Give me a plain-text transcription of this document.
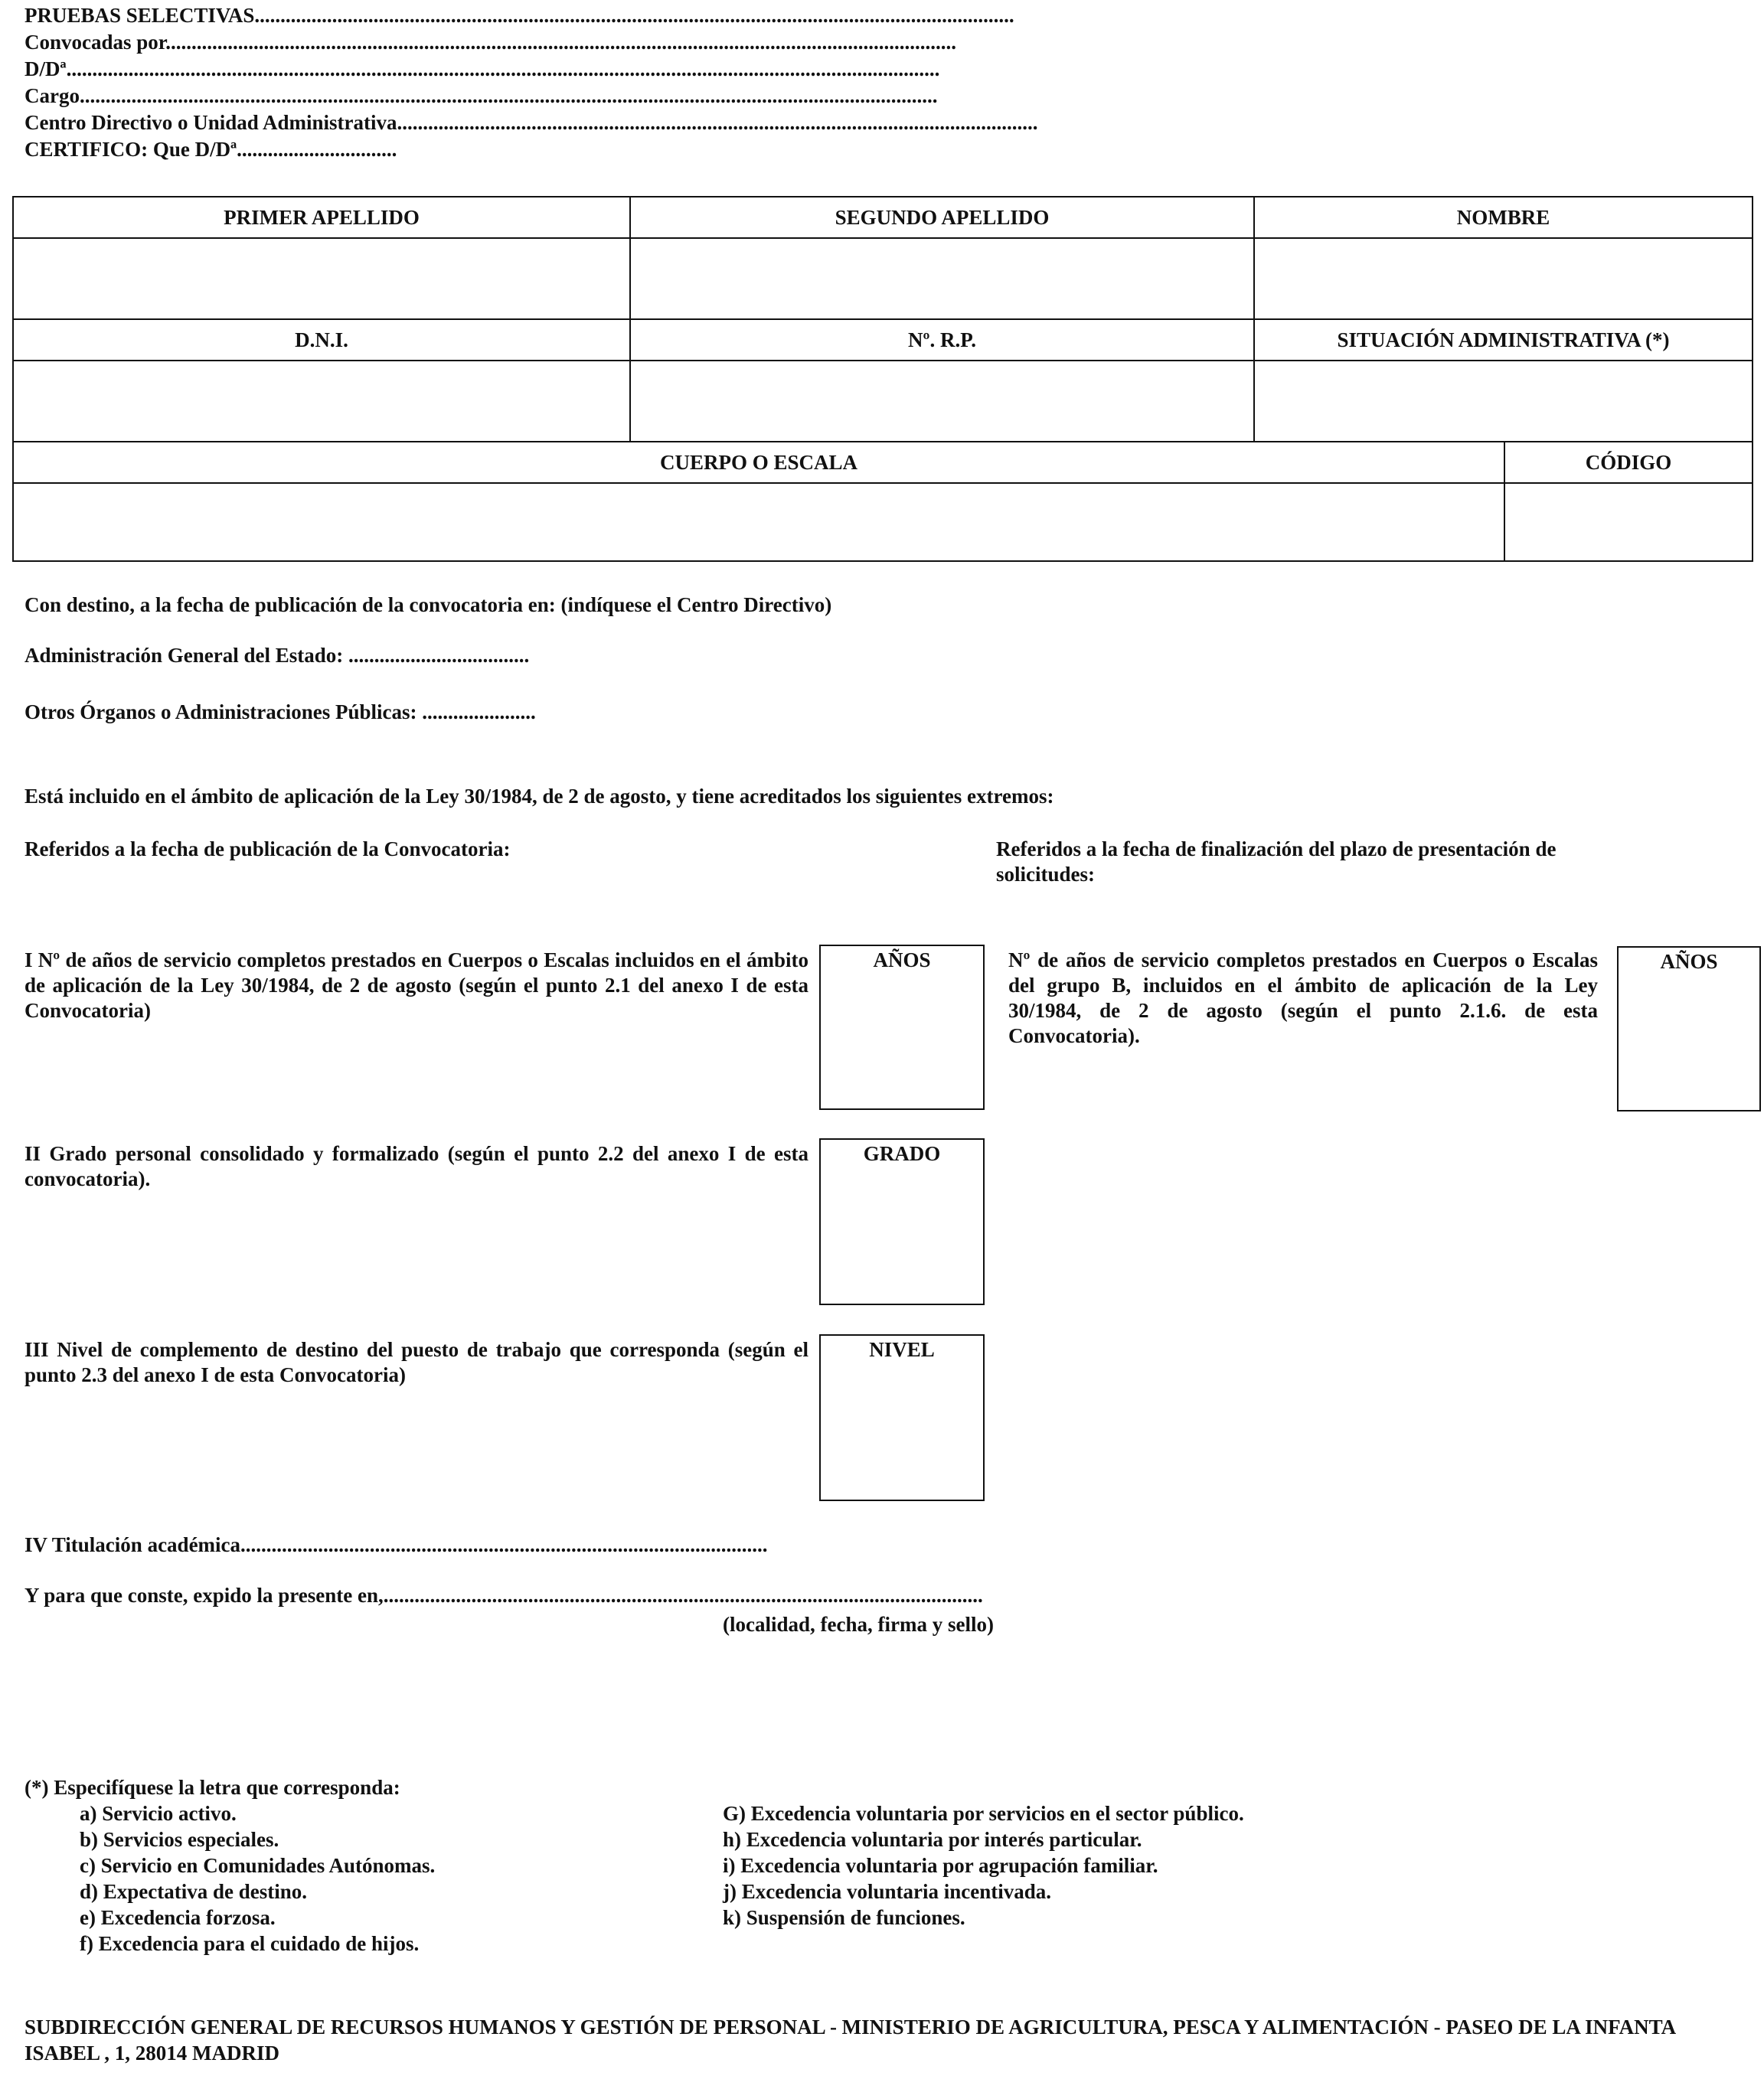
PRUEBAS SELECTIVAS...................................................................................................................................................
Convocadas por.........................................................................................................................................................
D/Dª.........................................................................................................................................................................
Cargo......................................................................................................................................................................
Centro Directivo o Unidad Administrativa............................................................................................................................
CERTIFICO: Que D/Dª...............................
PRIMER APELLIDO	SEGUNDO APELLIDO	NOMBRE
D.N.I.	Nº. R.P.	SITUACIÓN ADMINISTRATIVA (*)
CUERPO O ESCALA	CÓDIGO
Con destino, a la fecha de publicación de la convocatoria en: (indíquese el Centro Directivo)
Administración General del Estado: ...................................
Otros Órganos o Administraciones Públicas: ......................
Está incluido en el ámbito de aplicación de la Ley 30/1984, de 2 de agosto, y tiene acreditados los siguientes extremos:
Referidos a la fecha de publicación de la Convocatoria:	Referidos a la fecha de finalización del plazo de presentación de solicitudes:
I Nº de años de servicio completos prestados en Cuerpos o Escalas incluidos en el ámbito de aplicación de la Ley 30/1984, de 2 de agosto (según el punto 2.1 del anexo I de esta Convocatoria)
AÑOS	Nº de años de servicio completos prestados en Cuerpos o Escalas del grupo B, incluidos en el ámbito de aplicación de la Ley 30/1984, de 2 de agosto (según el punto 2.1.6. de esta Convocatoria).
AÑOS
II Grado personal consolidado y formalizado (según el punto 2.2 del anexo I de esta convocatoria).
GRADO
III Nivel de complemento de destino del puesto de trabajo que corresponda (según el punto 2.3 del anexo I de esta Convocatoria)
NIVEL
IV Titulación académica......................................................................................................
Y para que conste, expido la presente en,....................................................................................................................
(localidad, fecha, firma y sello)
(*) Especifíquese la letra que corresponda:
a) Servicio activo.
b) Servicios especiales.
c) Servicio en Comunidades Autónomas.
d) Expectativa de destino.
e) Excedencia forzosa.
f) Excedencia para el cuidado de hijos.
G) Excedencia voluntaria por servicios en el sector público.
h) Excedencia voluntaria por interés particular.
i) Excedencia voluntaria por agrupación familiar.
j) Excedencia voluntaria incentivada.
k) Suspensión de funciones.
SUBDIRECCIÓN GENERAL DE RECURSOS HUMANOS Y GESTIÓN DE PERSONAL - MINISTERIO DE AGRICULTURA, PESCA Y ALIMENTACIÓN - PASEO DE LA INFANTA ISABEL , 1, 28014 MADRID
